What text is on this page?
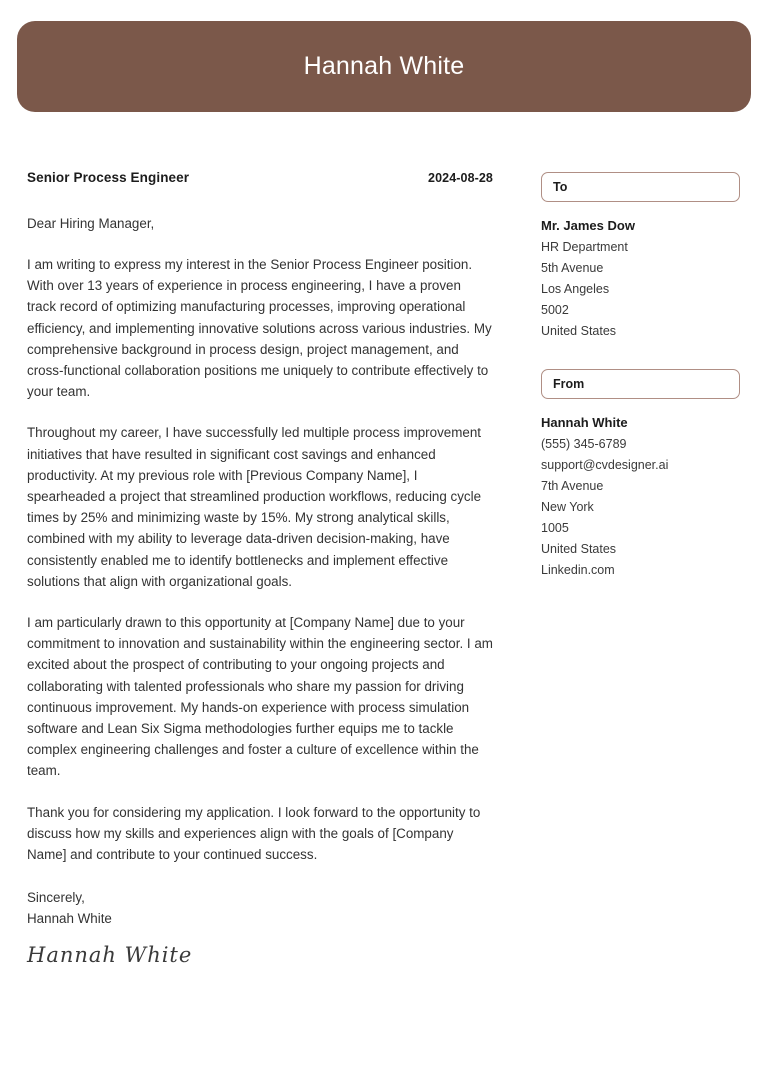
Hannah White
Senior Process Engineer	2024-08-28
Dear Hiring Manager,

I am writing to express my interest in the Senior Process Engineer position. With over 13 years of experience in process engineering, I have a proven track record of optimizing manufacturing processes, improving operational efficiency, and implementing innovative solutions across various industries. My comprehensive background in process design, project management, and cross-functional collaboration positions me uniquely to contribute effectively to your team.

Throughout my career, I have successfully led multiple process improvement initiatives that have resulted in significant cost savings and enhanced productivity. At my previous role with [Previous Company Name], I spearheaded a project that streamlined production workflows, reducing cycle times by 25% and minimizing waste by 15%. My strong analytical skills, combined with my ability to leverage data-driven decision-making, have consistently enabled me to identify bottlenecks and implement effective solutions that align with organizational goals.

I am particularly drawn to this opportunity at [Company Name] due to your commitment to innovation and sustainability within the engineering sector. I am excited about the prospect of contributing to your ongoing projects and collaborating with talented professionals who share my passion for driving continuous improvement. My hands-on experience with process simulation software and Lean Six Sigma methodologies further equips me to tackle complex engineering challenges and foster a culture of excellence within the team.

Thank you for considering my application. I look forward to the opportunity to discuss how my skills and experiences align with the goals of [Company Name] and contribute to your continued success.

Sincerely,
Hannah White
Hannah White
To
Mr. James Dow
HR Department
5th Avenue
Los Angeles
5002
United States
From
Hannah White
(555) 345-6789
support@cvdesigner.ai
7th Avenue
New York
1005
United States
Linkedin.com
